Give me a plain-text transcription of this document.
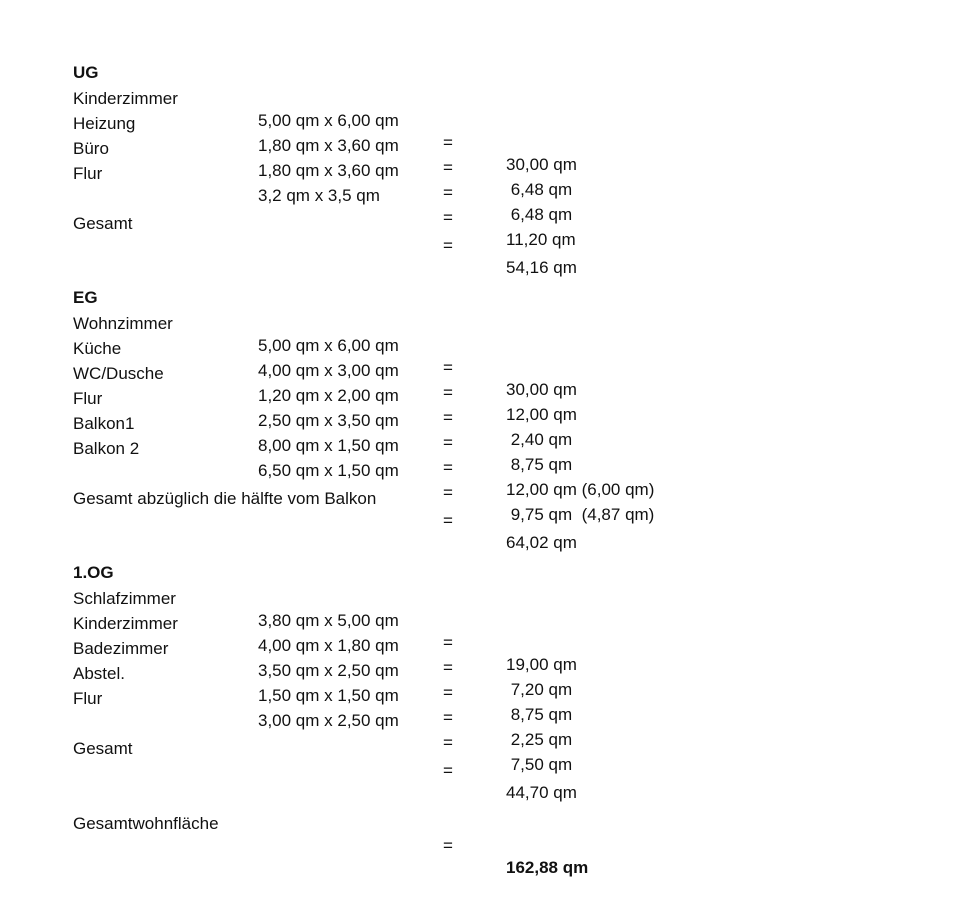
UG

Kinderzimmer

5,00 qm x 6,00 qm

=

30,00 qm

Heizung

1,80 qm x 3,60 qm

=

6,48 qm

Büro

1,80 qm x 3,60 qm

=

6,48 qm

Flur

3,2 qm x 3,5 qm

=

11,20 qm

Gesamt

=

54,16 qm

EG

Wohnzimmer

5,00 qm x 6,00 qm

=

30,00 qm

Küche

4,00 qm x 3,00 qm

=

12,00 qm

WC/Dusche

1,20 qm x 2,00 qm

=

2,40 qm

Flur

2,50 qm x 3,50 qm

=

8,75 qm

Balkon1

8,00 qm x 1,50 qm

=

12,00 qm (6,00 qm)

Balkon 2

6,50 qm x 1,50 qm

=

9,75 qm  (4,87 qm)

Gesamt abzüglich die hälfte vom Balkon

=

64,02 qm

1.OG

Schlafzimmer

3,80 qm x 5,00 qm

=

19,00 qm

Kinderzimmer

4,00 qm x 1,80 qm

=

7,20 qm

Badezimmer

3,50 qm x 2,50 qm

=

8,75 qm

Abstel.

1,50 qm x 1,50 qm

=

2,25 qm

Flur

3,00 qm x 2,50 qm

=

7,50 qm

Gesamt

=

44,70 qm

Gesamtwohnfläche

=

162,88 qm
